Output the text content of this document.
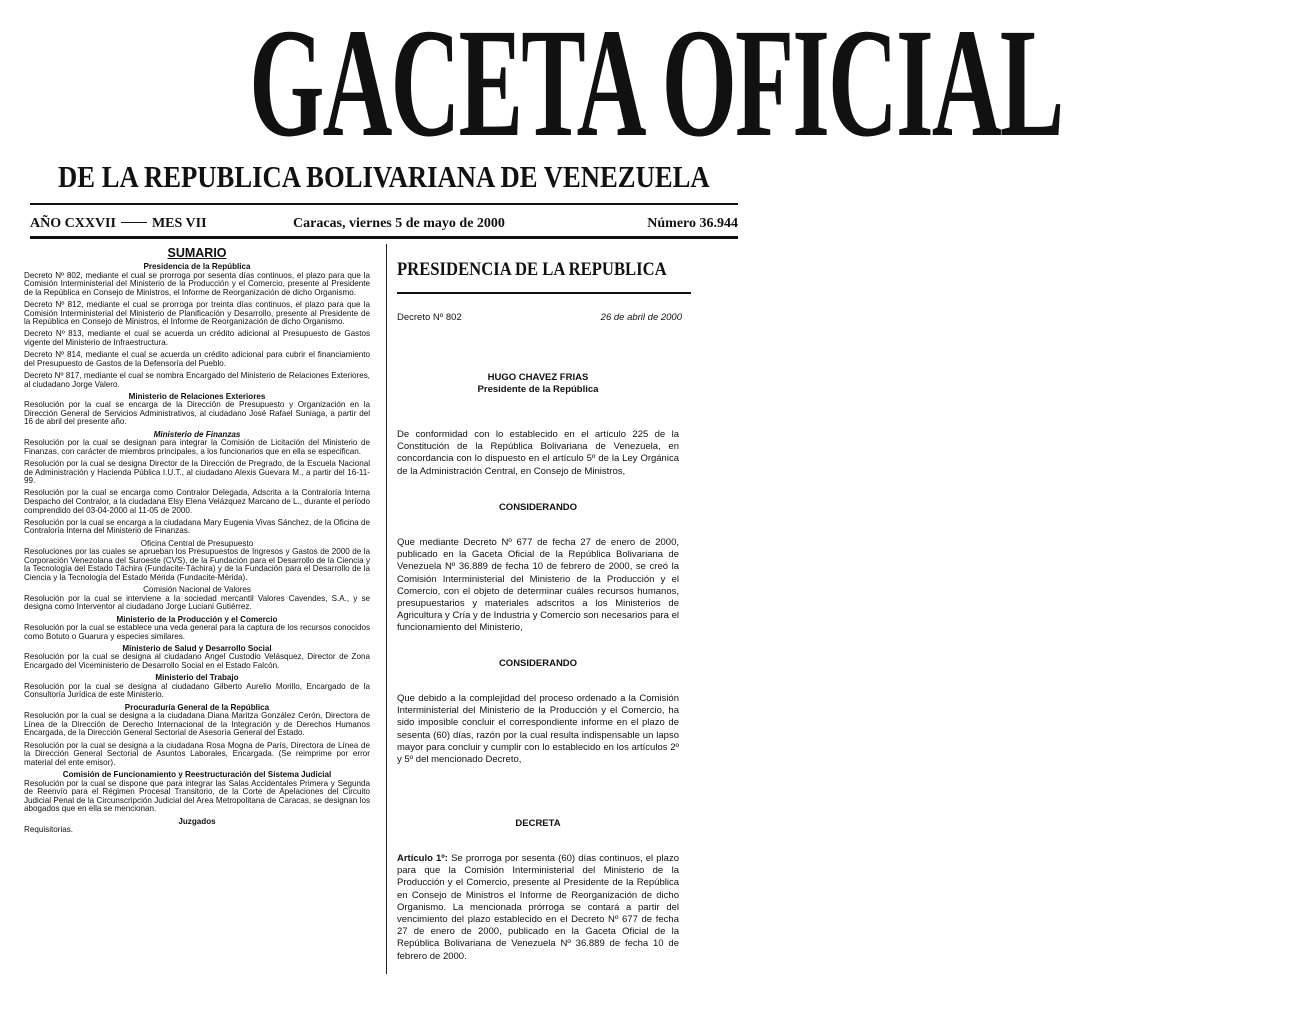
GACETA OFICIAL
DE LA REPUBLICA BOLIVARIANA DE VENEZUELA
AÑO CXXVII	MES VII	Caracas, viernes 5 de mayo de 2000	Número 36.944
SUMARIO
Presidencia de la República
Decreto Nº 802, mediante el cual se prorroga por sesenta días continuos, el plazo para que la Comisión Interministerial del Ministerio de la Producción y el Comercio, presente al Presidente de la República en Consejo de Ministros, el Informe de Reorganización de dicho Organismo.
Decreto Nº 812, mediante el cual se prorroga por treinta días continuos, el plazo para que la Comisión Interministerial del Ministerio de Planificación y Desarrollo, presente al Presidente de la República en Consejo de Ministros, el Informe de Reorganización de dicho Organismo.
Decreto Nº 813, mediante el cual se acuerda un crédito adicional al Presupuesto de Gastos vigente del Ministerio de Infraestructura.
Decreto Nº 814, mediante el cual se acuerda un crédito adicional para cubrir el financiamiento del Presupuesto de Gastos de la Defensoría del Pueblo.
Decreto Nº 817, mediante el cual se nombra Encargado del Ministerio de Relaciones Exteriores, al ciudadano Jorge Valero.
Ministerio de Relaciones Exteriores
Resolución por la cual se encarga de la Dirección de Presupuesto y Organización en la Dirección General de Servicios Administrativos, al ciudadano José Rafael Suniaga, a partir del 16 de abril del presente año.
Ministerio de Finanzas
Resolución por la cual se designan para integrar la Comisión de Licitación del Ministerio de Finanzas, con carácter de miembros principales, a los funcionarios que en ella se especifican.
Resolución por la cual se designa Director de la Dirección de Pregrado, de la Escuela Nacional de Administración y Hacienda Pública I.U.T., al ciudadano Alexis Guevara M., a partir del 16-11-99.
Resolución por la cual se encarga como Contralor Delegada, Adscrita a la Contraloría Interna Despacho del Contralor, a la ciudadana Elsy Elena Velázquez Marcano de L., durante el período comprendido del 03-04-2000 al 11-05 de 2000.
Resolución por la cual se encarga a la ciudadana Mary Eugenia Vivas Sánchez, de la Oficina de Contraloría Interna del Ministerio de Finanzas.
Oficina Central de Presupuesto
Resoluciones por las cuales se aprueban los Presupuestos de Ingresos y Gastos de 2000 de la Corporación Venezolana del Suroeste (CVS), de la Fundación para el Desarrollo de la Ciencia y la Tecnología del Estado Táchira (Fundacite-Táchira) y de la Fundación para el Desarrollo de la Ciencia y la Tecnología del Estado Mérida (Fundacite-Mérida).
Comisión Nacional de Valores
Resolución por la cual se interviene a la sociedad mercantil Valores Cavendes, S.A., y se designa como Interventor al ciudadano Jorge Luciani Gutiérrez.
Ministerio de la Producción y el Comercio
Resolución por la cual se establece una veda general para la captura de los recursos conocidos como Botuto o Guarura y especies similares.
Ministerio de Salud y Desarrollo Social
Resolución por la cual se designa al ciudadano Angel Custodio Velásquez, Director de Zona Encargado del Viceministerio de Desarrollo Social en el Estado Falcón.
Ministerio del Trabajo
Resolución por la cual se designa al ciudadano Gilberto Aurelio Morillo, Encargado de la Consultoría Jurídica de este Ministerio.
Procuraduría General de la República
Resolución por la cual se designa a la ciudadana Diana Maritza González Cerón, Directora de Línea de la Dirección de Derecho Internacional de la Integración y de Derechos Humanos Encargada, de la Dirección General Sectorial de Asesoría General del Estado.
Resolución por la cual se designa a la ciudadana Rosa Mogna de París, Directora de Línea de la Dirección General Sectorial de Asuntos Laborales, Encargada. (Se reimprime por error material del ente emisor).
Comisión de Funcionamiento y Reestructuración del Sistema Judicial
Resolución por la cual se dispone que para integrar las Salas Accidentales Primera y Segunda de Reenvío para el Régimen Procesal Transitorio, de la Corte de Apelaciones del Circuito Judicial Penal de la Circunscripción Judicial del Area Metropolitana de Caracas, se designan los abogados que en ella se mencionan.
Juzgados
Requisitorias.
PRESIDENCIA DE LA REPUBLICA
Decreto Nº 802	26 de abril de 2000
HUGO CHAVEZ FRIAS
Presidente de la República
De conformidad con lo establecido en el artículo 225 de la Constitución de la República Bolivariana de Venezuela, en concordancia con lo dispuesto en el artículo 5º de la Ley Orgánica de la Administración Central, en Consejo de Ministros,
CONSIDERANDO
Que mediante Decreto Nº 677 de fecha 27 de enero de 2000, publicado en la Gaceta Oficial de la República Bolivariana de Venezuela Nº 36.889 de fecha 10 de febrero de 2000, se creó la Comisión Interministerial del Ministerio de la Producción y el Comercio, con el objeto de determinar cuáles recursos humanos, presupuestarios y materiales adscritos a los Ministerios de Agricultura y Cría y de Industria y Comercio son necesarios para el funcionamiento del Ministerio,
CONSIDERANDO
Que debido a la complejidad del proceso ordenado a la Comisión Interministerial del Ministerio de la Producción y el Comercio, ha sido imposible concluir el correspondiente informe en el plazo de sesenta (60) días, razón por la cual resulta indispensable un lapso mayor para concluir y cumplir con lo establecido en los artículos 2º y 5º del mencionado Decreto,
DECRETA
Artículo 1º: Se prorroga por sesenta (60) días continuos, el plazo para que la Comisión Interministerial del Ministerio de la Producción y el Comercio, presente al Presidente de la República en Consejo de Ministros el Informe de Reorganización de dicho Organismo. La mencionada prórroga se contará a partir del vencimiento del plazo establecido en el Decreto Nº 677 de fecha 27 de enero de 2000, publicado en la Gaceta Oficial de la República Bolivariana de Venezuela Nº 36.889 de fecha 10 de febrero de 2000.
